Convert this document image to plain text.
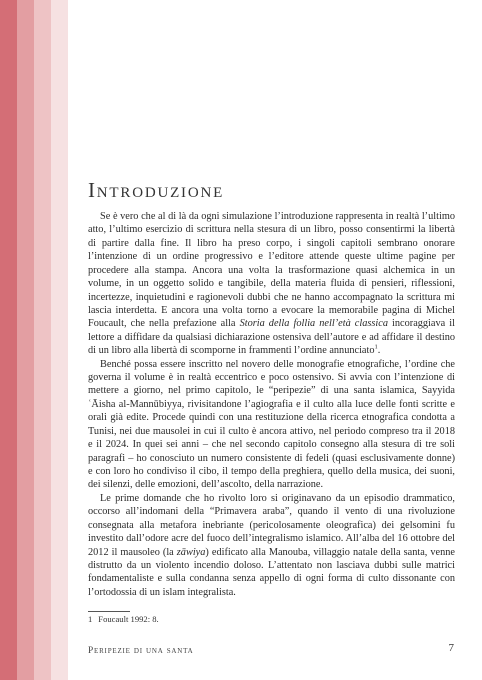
Introduzione

Se è vero che al di là da ogni simulazione l’introduzione rappresenta in realtà l’ultimo atto, l’ultimo esercizio di scrittura nella stesura di un libro, posso consentirmi la libertà di partire dalla fine. Il libro ha preso corpo, i singoli capitoli sembrano onorare l’intenzione di un ordine progressivo e l’editore attende queste ultime pagine per procedere alla stampa. Ancora una volta la trasformazione quasi alchemica in un volume, in un oggetto solido e tangibile, della materia fluida di pensieri, riflessioni, incertezze, inquietudini e ragionevoli dubbi che ne hanno accompagnato la scrittura mi lascia interdetta. E ancora una volta torno a evocare la memorabile pagina di Michel Foucault, che nella prefazione alla Storia della follia nell’età classica incoraggiava il lettore a diffidare da qualsiasi dichiarazione ostensiva dell’autore e ad affidare il destino di un libro alla libertà di scomporne in frammenti l’ordine annunciato$^1$.

Benché possa essere inscritto nel novero delle monografie etnografiche, l’ordine che governa il volume è in realtà eccentrico e poco ostensivo. Si avvia con l’intenzione di mettere a giorno, nel primo capitolo, le “peripezie” di una santa islamica, Sayyida ʿĀisha al-Mannūbiyya, rivisitandone l’agiografia e il culto alla luce delle fonti scritte e orali già edite. Procede quindi con una restituzione della ricerca etnografica condotta a Tunisi, nei due mausolei in cui il culto è ancora attivo, nel periodo compreso tra il 2018 e il 2024. In quei sei anni – che nel secondo capitolo consegno alla stesura di tre soli paragrafi – ho conosciuto un numero consistente di fedeli (quasi esclusivamente donne) e con loro ho condiviso il cibo, il tempo della preghiera, quello della musica, dei suoni, dei silenzi, delle emozioni, dell’ascolto, della narrazione.

Le prime domande che ho rivolto loro si originavano da un episodio drammatico, occorso all’indomani della “Primavera araba”, quando il vento di una rivoluzione consegnata alla metafora inebriante (pericolosamente oleografica) dei gelsomini fu investito dall’odore acre del fuoco dell’integralismo islamico. All’alba del 16 ottobre del 2012 il mausoleo (la zāwiya) edificato alla Manouba, villaggio natale della santa, venne distrutto da un violento incendio doloso. L’attentato non lasciava dubbi sulle matrici fondamentaliste e sulla condanna senza appello di ogni forma di culto dissonante con l’ortodossia di un islam integralista.

1 Foucault 1992: 8.
Peripezie di una santa	7
